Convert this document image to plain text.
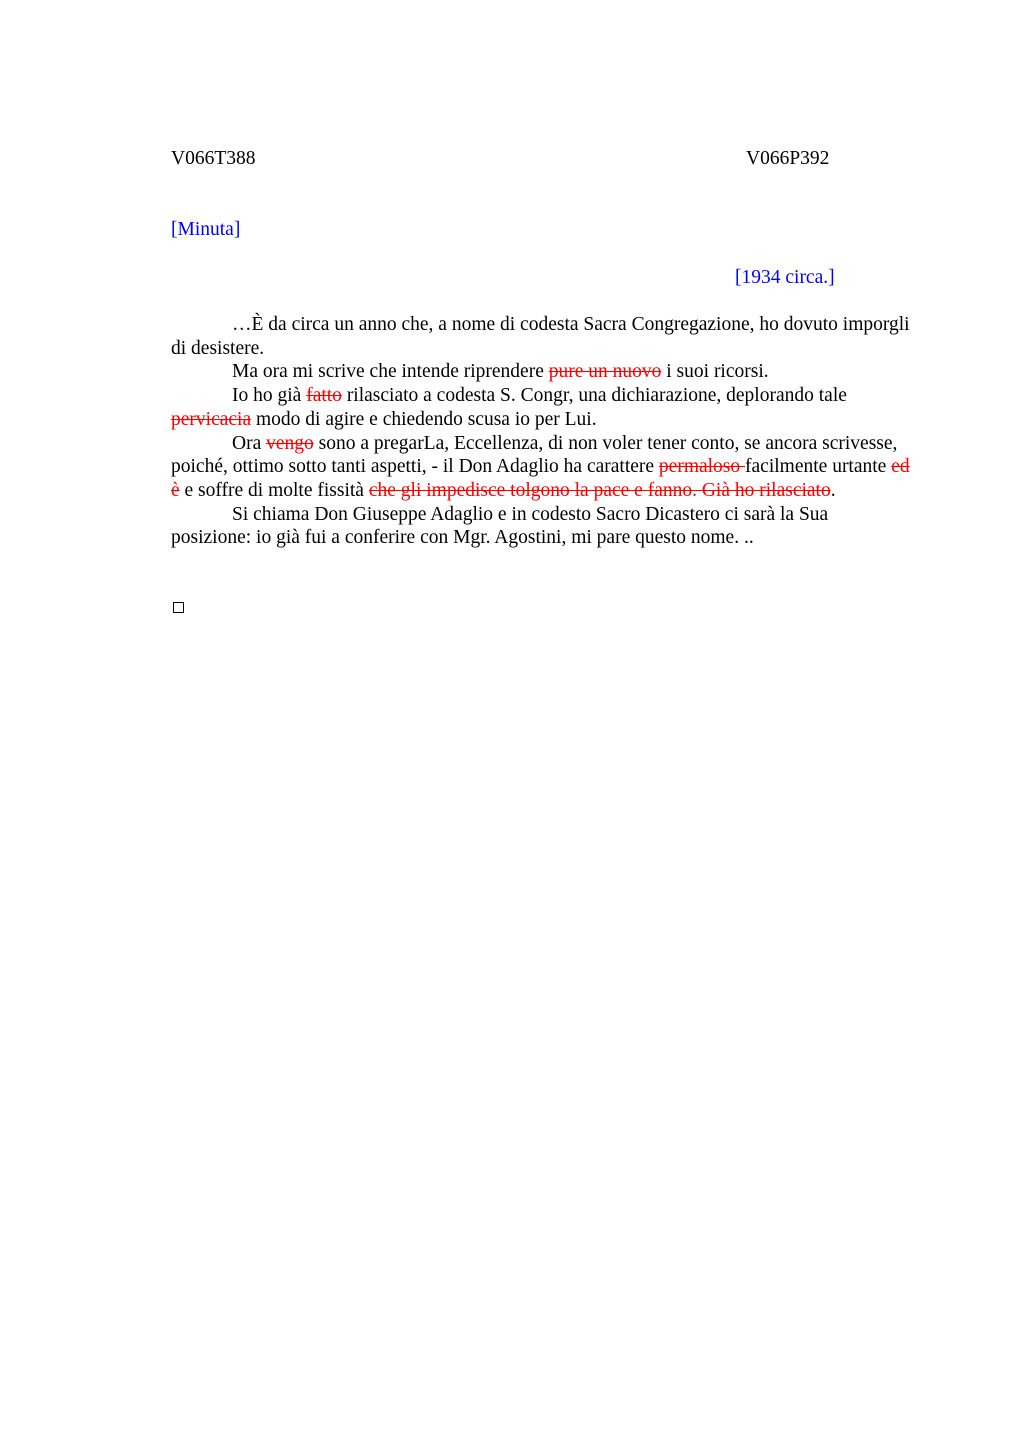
V066T388	V066P392
[Minuta]
[1934 circa.]

…È da circa un anno che, a nome di codesta Sacra Congregazione, ho dovuto imporgli di desistere.

Ma ora mi scrive che intende riprendere pure un nuovo i suoi ricorsi.

Io ho già fatto rilasciato a codesta S. Congr, una dichiarazione, deplorando tale pervicacia modo di agire e chiedendo scusa io per Lui.

Ora vengo sono a pregarLa, Eccellenza, di non voler tener conto, se ancora scrivesse, poiché, ottimo sotto tanti aspetti, - il Don Adaglio ha carattere permaloso facilmente urtante ed è e soffre di molte fissità che gli impedisce tolgono la pace e fanno. Già ho rilasciato.

Si chiama Don Giuseppe Adaglio e in codesto Sacro Dicastero ci sarà la Sua posizione: io già fui a conferire con Mgr. Agostini, mi pare questo nome. ..
